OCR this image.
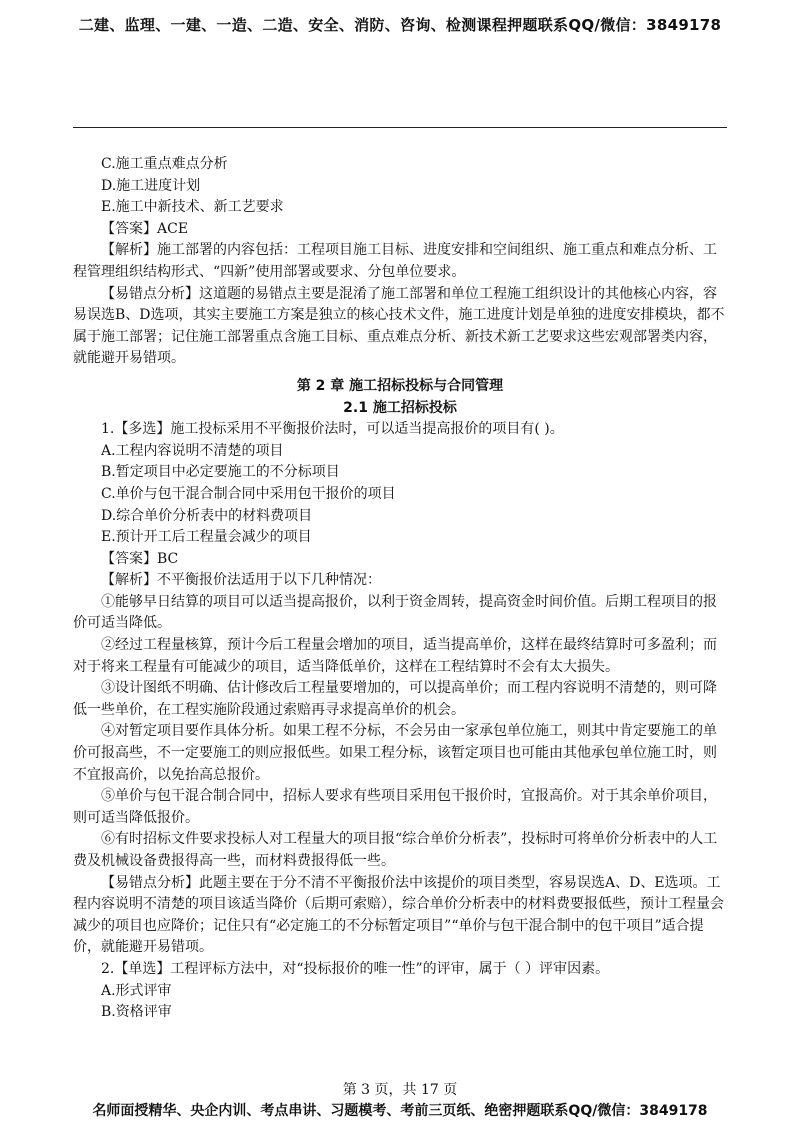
二建、监理、一建、一造、二造、安全、消防、咨询、检测课程押题联系QQ/微信：3849178

C.施工重点难点分析

D.施工进度计划

E.施工中新技术、新工艺要求

【答案】ACE

【解析】施工部署的内容包括：工程项目施工目标、进度安排和空间组织、施工重点和难点分析、工程管理组织结构形式、“四新”使用部署或要求、分包单位要求。

【易错点分析】这道题的易错点主要是混淆了施工部署和单位工程施工组织设计的其他核心内容，容易误选B、D选项，其实主要施工方案是独立的核心技术文件，施工进度计划是单独的进度安排模块，都不属于施工部署；记住施工部署重点含施工目标、重点难点分析、新技术新工艺要求这些宏观部署类内容，就能避开易错项。

第 2 章 施工招标投标与合同管理

2.1 施工招标投标

1.【多选】施工投标采用不平衡报价法时，可以适当提高报价的项目有( )。

A.工程内容说明不清楚的项目

B.暂定项目中必定要施工的不分标项目

C.单价与包干混合制合同中采用包干报价的项目

D.综合单价分析表中的材料费项目

E.预计开工后工程量会减少的项目

【答案】BC

【解析】不平衡报价法适用于以下几种情况：

①能够早日结算的项目可以适当提高报价，以利于资金周转，提高资金时间价值。后期工程项目的报价可适当降低。

②经过工程量核算，预计今后工程量会增加的项目，适当提高单价，这样在最终结算时可多盈利；而对于将来工程量有可能减少的项目，适当降低单价，这样在工程结算时不会有太大损失。

③设计图纸不明确、估计修改后工程量要增加的，可以提高单价；而工程内容说明不清楚的，则可降低一些单价，在工程实施阶段通过索赔再寻求提高单价的机会。

④对暂定项目要作具体分析。如果工程不分标，不会另由一家承包单位施工，则其中肯定要施工的单价可报高些，不一定要施工的则应报低些。如果工程分标，该暂定项目也可能由其他承包单位施工时，则不宜报高价，以免抬高总报价。

⑤单价与包干混合制合同中，招标人要求有些项目采用包干报价时，宜报高价。对于其余单价项目，则可适当降低报价。

⑥有时招标文件要求投标人对工程量大的项目报“综合单价分析表”，投标时可将单价分析表中的人工费及机械设备费报得高一些，而材料费报得低一些。

【易错点分析】此题主要在于分不清不平衡报价法中该提价的项目类型，容易误选A、D、E选项。工程内容说明不清楚的项目该适当降价（后期可索赔），综合单价分析表中的材料费要报低些，预计工程量会减少的项目也应降价；记住只有“必定施工的不分标暂定项目”“单价与包干混合制中的包干项目”适合提价，就能避开易错项。

2.【单选】工程评标方法中，对“投标报价的唯一性”的评审，属于（ ）评审因素。

A.形式评审

B.资格评审

第 3 页，共 17 页
名师面授精华、央企内训、考点串讲、习题模考、考前三页纸、绝密押题联系QQ/微信：3849178
